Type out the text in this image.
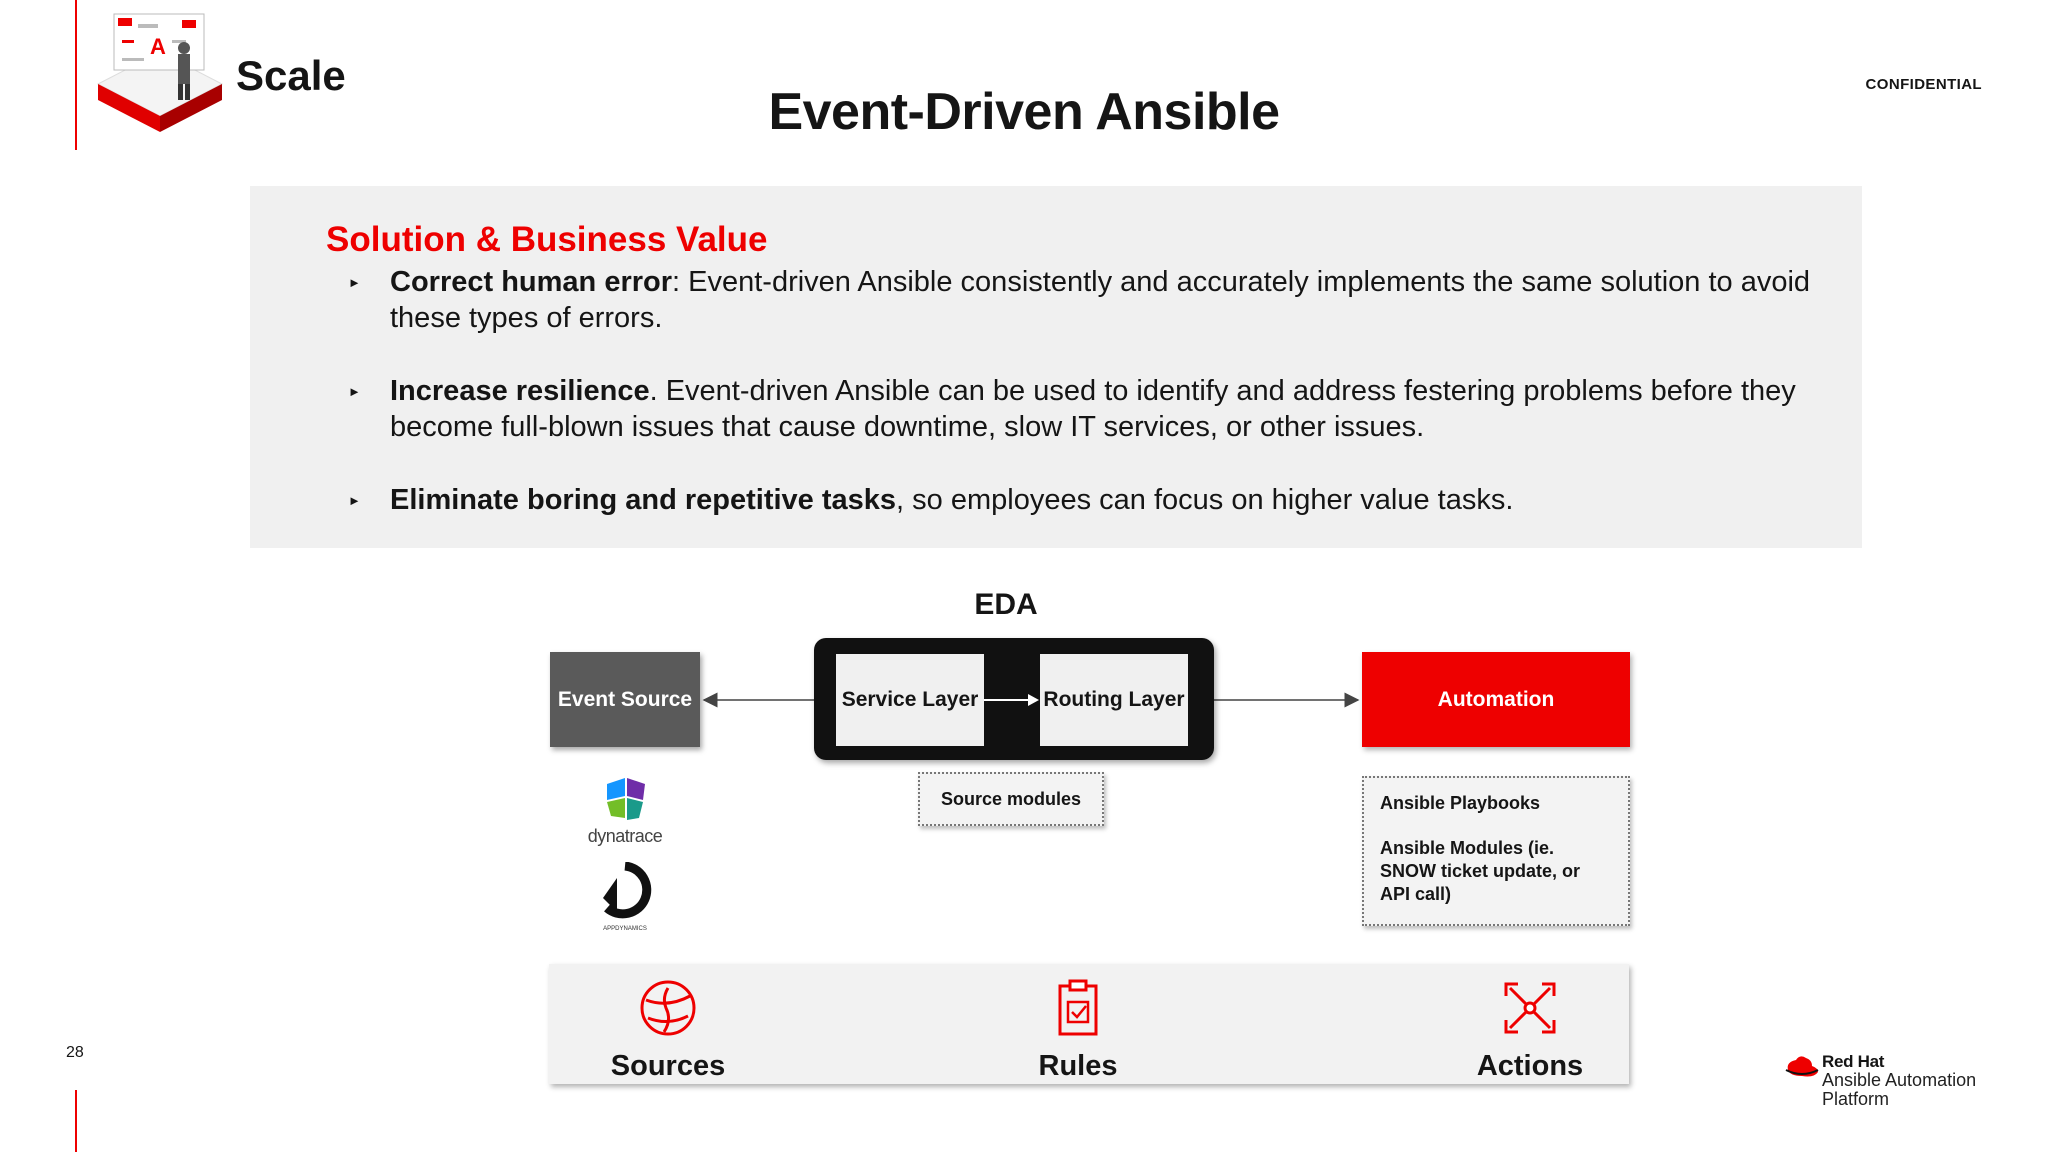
A
Scale
Event-Driven Ansible	CONFIDENTIAL
Solution & Business Value
► Correct human error: Event-driven Ansible consistently and accurately implements the same solution to avoid these types of errors.
► Increase resilience. Event-driven Ansible can be used to identify and address festering problems before they become full-blown issues that cause downtime, slow IT services, or other issues.
► Eliminate boring and repetitive tasks, so employees can focus on higher value tasks.
EDA
Event Source	Service Layer	Routing Layer	Automation
Source modules	Ansible Playbooks
Ansible Modules (ie. SNOW ticket update, or API call)
dynatrace
APPDYNAMICS
Sources	Rules	Actions
28	Red Hat
Ansible Automation Platform
